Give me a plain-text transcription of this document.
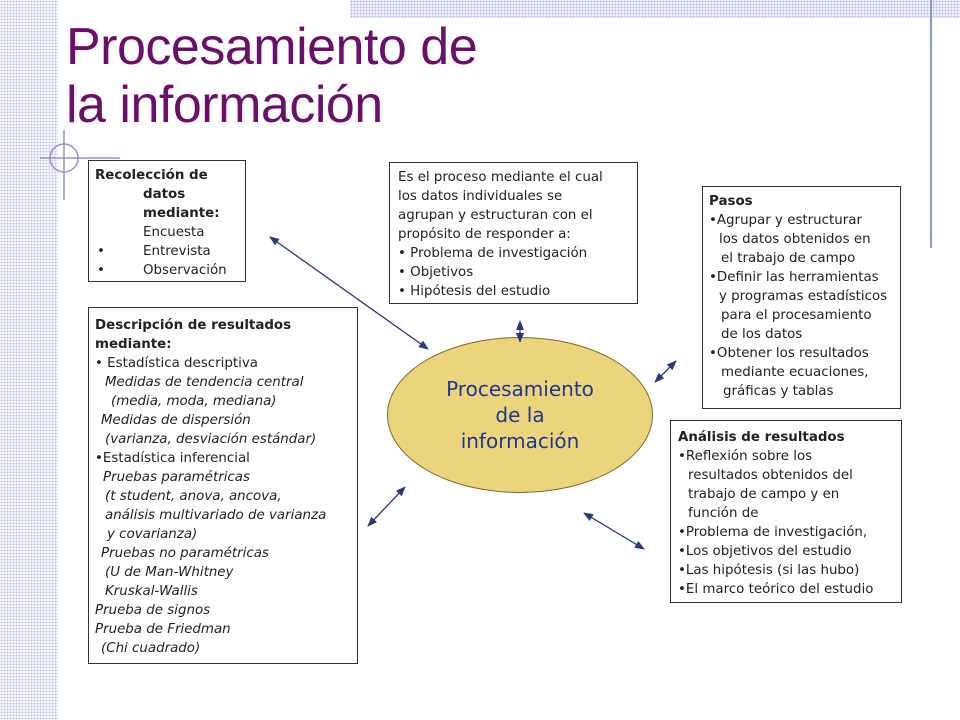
Procesamiento de
la información
Recolección de
datos
mediante:
Encuesta
•	Entrevista
•	Observación
Es el proceso mediante el cual
los datos individuales se
agrupan y estructuran con el
propósito de responder a:
• Problema de investigación
• Objetivos
• Hipótesis del estudio
Pasos
•Agrupar y estructurar
los datos obtenidos en
el trabajo de campo
•Definir las herramientas
y programas estadísticos
para el procesamiento
de los datos
•Obtener los resultados
mediante ecuaciones,
gráficas y tablas
Descripción de resultados
mediante:
• Estadística descriptiva
Medidas de tendencia central
(media, moda, mediana)
Medidas de dispersión
(varianza, desviación estándar)
•Estadística inferencial
Pruebas paramétricas
(t student, anova, ancova,
análisis multivariado de varianza
y covarianza)
Pruebas no paramétricas
(U de Man-Whitney
Kruskal-Wallis
Prueba de signos
Prueba de Friedman
(Chi cuadrado)
Análisis de resultados
•Reflexión sobre los
resultados obtenidos del
trabajo de campo y en
función de
•Problema de investigación,
•Los objetivos del estudio
•Las hipótesis (si las hubo)
•El marco teórico del estudio
Procesamiento
de la
información
